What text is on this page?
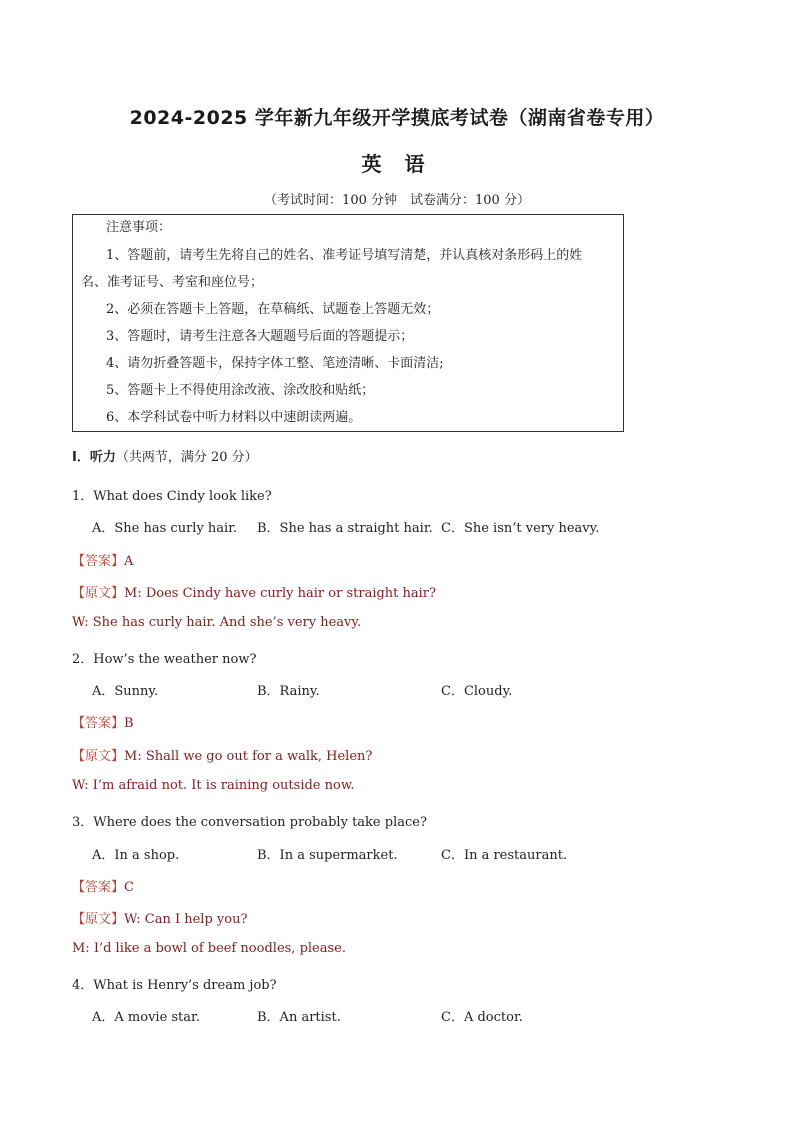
2024-2025 学年新九年级开学摸底考试卷（湖南省卷专用）
英 语
（考试时间：100 分钟　试卷满分：100 分）
注意事项：
1、答题前，请考生先将自己的姓名、准考证号填写清楚，并认真核对条形码上的姓
名、准考证号、考室和座位号；
2、必须在答题卡上答题，在草稿纸、试题卷上答题无效；
3、答题时，请考生注意各大题题号后面的答题提示；
4、请勿折叠答题卡，保持字体工整、笔迹清晰、卡面清洁;
5、答题卡上不得使用涂改液、涂改胶和贴纸；
6、本学科试卷中听力材料以中速朗读两遍。
I．听力（共两节，满分 20 分）
1．What does Cindy look like?
A．She has curly hair. B．She has a straight hair. C．She isn’t very heavy.
【答案】A
【原文】M: Does Cindy have curly hair or straight hair?
W: She has curly hair. And she’s very heavy.
2．How’s the weather now?
A．Sunny.	B．Rainy.	C．Cloudy.
【答案】B
【原文】M: Shall we go out for a walk, Helen?
W: I’m afraid not. It is raining outside now.
3．Where does the conversation probably take place?
A．In a shop.	B．In a supermarket.	C．In a restaurant.
【答案】C
【原文】W: Can I help you?
M: I’d like a bowl of beef noodles, please.
4．What is Henry’s dream job?
A．A movie star.	B．An artist.	C．A doctor.
